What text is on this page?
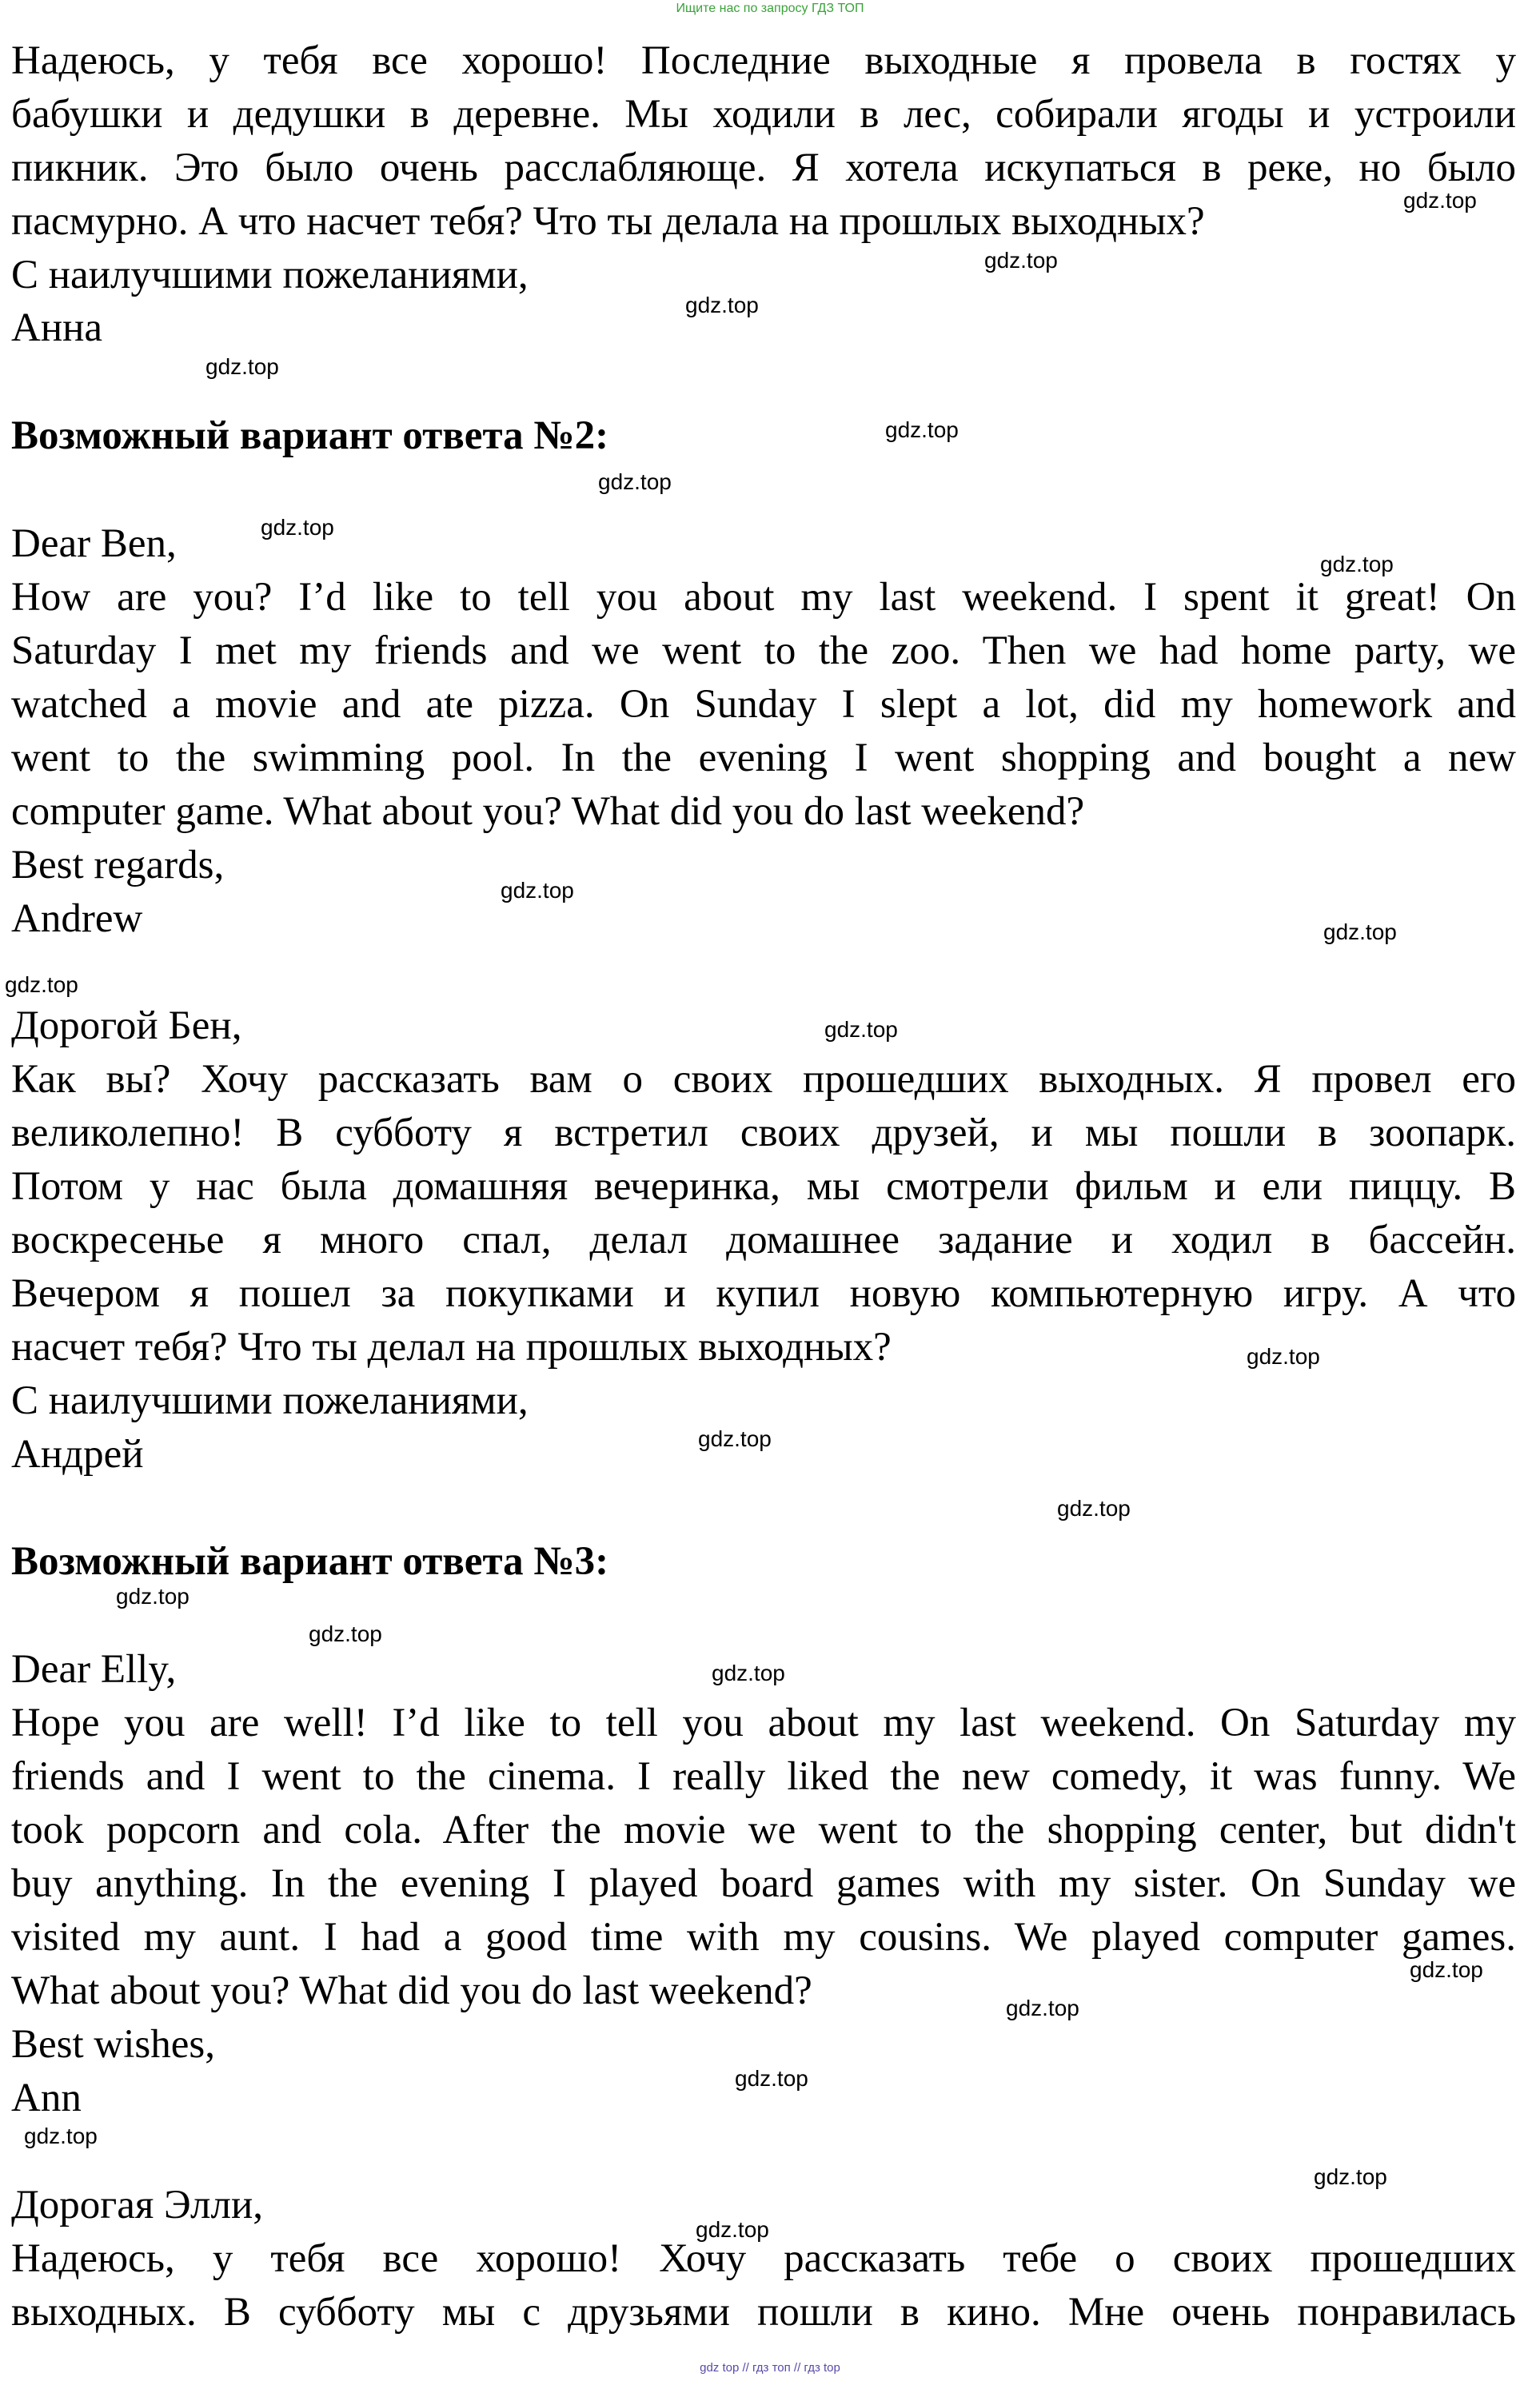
Ищите нас по запросу ГДЗ ТОП
Надеюсь, у тебя все хорошо! Последние выходные я провела в гостях у
бабушки и дедушки в деревне. Мы ходили в лес, собирали ягоды и устроили
пикник. Это было очень расслабляюще. Я хотела искупаться в реке, но было
пасмурно. А что насчет тебя? Что ты делала на прошлых выходных?
С наилучшими пожеланиями,
Анна
Возможный вариант ответа №2:
Dear Ben,
How are you? I’d like to tell you about my last weekend. I spent it great! On
Saturday I met my friends and we went to the zoo. Then we had home party, we
watched a movie and ate pizza. On Sunday I slept a lot, did my homework and
went to the swimming pool. In the evening I went shopping and bought a new
computer game. What about you? What did you do last weekend?
Best regards,
Andrew
Дорогой Бен,
Как вы? Хочу рассказать вам о своих прошедших выходных. Я провел его
великолепно! В субботу я встретил своих друзей, и мы пошли в зоопарк.
Потом у нас была домашняя вечеринка, мы смотрели фильм и ели пиццу. В
воскресенье я много спал, делал домашнее задание и ходил в бассейн.
Вечером я пошел за покупками и купил новую компьютерную игру. А что
насчет тебя? Что ты делал на прошлых выходных?
С наилучшими пожеланиями,
Андрей
Возможный вариант ответа №3:
Dear Elly,
Hope you are well! I’d like to tell you about my last weekend. On Saturday my
friends and I went to the cinema. I really liked the new comedy, it was funny. We
took popcorn and cola. After the movie we went to the shopping center, but didn't
buy anything. In the evening I played board games with my sister. On Sunday we
visited my aunt. I had a good time with my cousins. We played computer games.
What about you? What did you do last weekend?
Best wishes,
Ann
Дорогая Элли,
Надеюсь, у тебя все хорошо! Хочу рассказать тебе о своих прошедших
выходных. В субботу мы с друзьями пошли в кино. Мне очень понравилась
gdz.top
gdz.top
gdz.top
gdz.top
gdz.top
gdz.top
gdz.top
gdz.top
gdz.top
gdz.top
gdz.top
gdz.top
gdz.top
gdz.top
gdz.top
gdz.top
gdz.top
gdz.top
gdz.top
gdz.top
gdz.top
gdz.top
gdz.top
gdz.top
gdz top // гдз топ // гдз top
